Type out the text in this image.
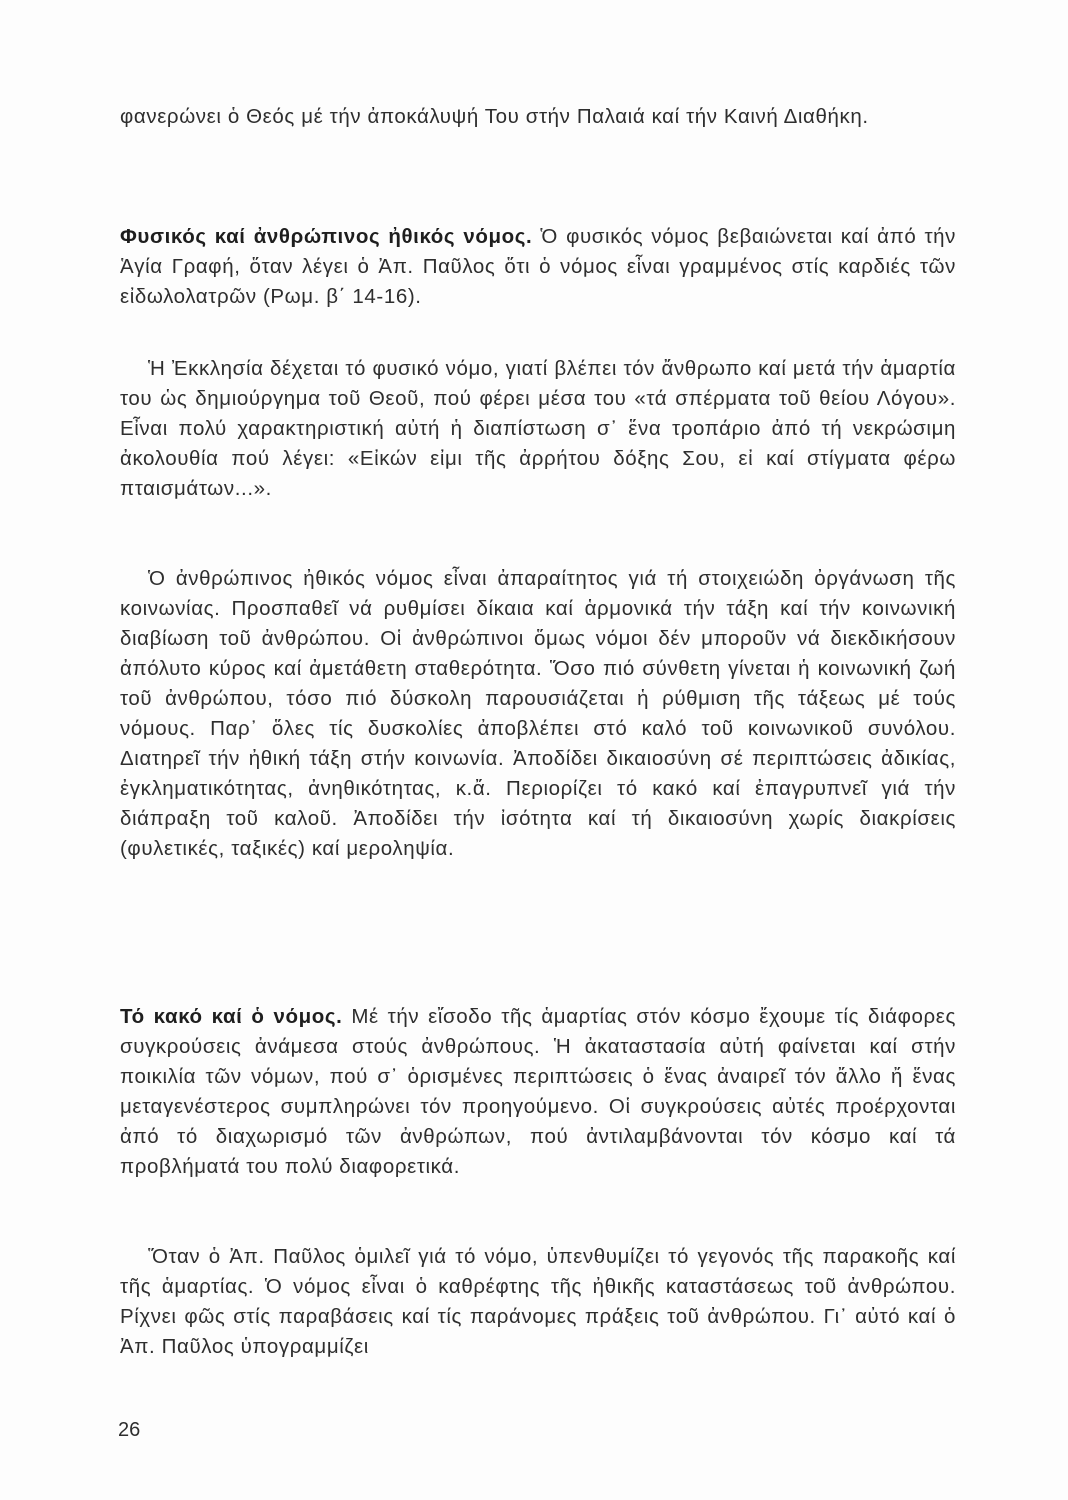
φανερώνει ὁ Θεός μέ τήν ἀποκάλυψή Του στήν Παλαιά καί τήν Καινή Διαθήκη.

Φυσικός καί ἀνθρώπινος ἠθικός νόμος. Ὁ φυσικός νόμος βεβαιώνεται καί ἀπό τήν Ἁγία Γραφή, ὅταν λέγει ὁ Ἀπ. Παῦλος ὅτι ὁ νόμος εἶναι γραμμένος στίς καρδιές τῶν εἰδωλολατρῶν (Ρωμ. β΄ 14-16).

Ἡ Ἐκκλησία δέχεται τό φυσικό νόμο, γιατί βλέπει τόν ἄνθρωπο καί μετά τήν ἁμαρτία του ὡς δημιούργημα τοῦ Θεοῦ, πού φέρει μέσα του «τά σπέρματα τοῦ θείου Λόγου». Εἶναι πολύ χαρακτηριστική αὐτή ἡ διαπίστωση σ᾽ ἕνα τροπάριο ἀπό τή νεκρώσιμη ἀκολουθία πού λέγει: «Εἰκών εἰμι τῆς ἀρρήτου δόξης Σου, εἰ καί στίγματα φέρω πταισμάτων...».

Ὁ ἀνθρώπινος ἠθικός νόμος εἶναι ἀπαραίτητος γιά τή στοιχειώδη ὀργάνωση τῆς κοινωνίας. Προσπαθεῖ νά ρυθμίσει δίκαια καί ἁρμονικά τήν τάξη καί τήν κοινωνική διαβίωση τοῦ ἀνθρώπου. Οἱ ἀνθρώπινοι ὅμως νόμοι δέν μποροῦν νά διεκδικήσουν ἀπόλυτο κύρος καί ἀμετάθετη σταθερότητα. Ὅσο πιό σύνθετη γίνεται ἡ κοινωνική ζωή τοῦ ἀνθρώπου, τόσο πιό δύσκολη παρουσιάζεται ἡ ρύθμιση τῆς τάξεως μέ τούς νόμους. Παρ᾽ ὅλες τίς δυσκολίες ἀποβλέπει στό καλό τοῦ κοινωνικοῦ συνόλου. Διατηρεῖ τήν ἠθική τάξη στήν κοινωνία. Ἀποδίδει δικαιοσύνη σέ περιπτώσεις ἀδικίας, ἐγκληματικότητας, ἀνηθικότητας, κ.ἄ. Περιορίζει τό κακό καί ἐπαγρυπνεῖ γιά τήν διάπραξη τοῦ καλοῦ. Ἀποδίδει τήν ἰσότητα καί τή δικαιοσύνη χωρίς διακρίσεις (φυλετικές, ταξικές) καί μεροληψία.

Τό κακό καί ὁ νόμος. Μέ τήν εἴσοδο τῆς ἁμαρτίας στόν κόσμο ἔχουμε τίς διάφορες συγκρούσεις ἀνάμεσα στούς ἀνθρώπους. Ἡ ἀκαταστασία αὐτή φαίνεται καί στήν ποικιλία τῶν νόμων, πού σ᾽ ὁρισμένες περιπτώσεις ὁ ἕνας ἀναιρεῖ τόν ἄλλο ἤ ἕνας μεταγενέστερος συμπληρώνει τόν προηγούμενο. Οἱ συγκρούσεις αὐτές προέρχονται ἀπό τό διαχωρισμό τῶν ἀνθρώπων, πού ἀντιλαμβάνονται τόν κόσμο καί τά προβλήματά του πολύ διαφορετικά.

Ὅταν ὁ Ἀπ. Παῦλος ὁμιλεῖ γιά τό νόμο, ὑπενθυμίζει τό γεγονός τῆς παρακοῆς καί τῆς ἁμαρτίας. Ὁ νόμος εἶναι ὁ καθρέφτης τῆς ἠθικῆς καταστάσεως τοῦ ἀνθρώπου. Ρίχνει φῶς στίς παραβάσεις καί τίς παράνομες πράξεις τοῦ ἀνθρώπου. Γι᾽ αὐτό καί ὁ Ἀπ. Παῦλος ὑπογραμμίζει

26
